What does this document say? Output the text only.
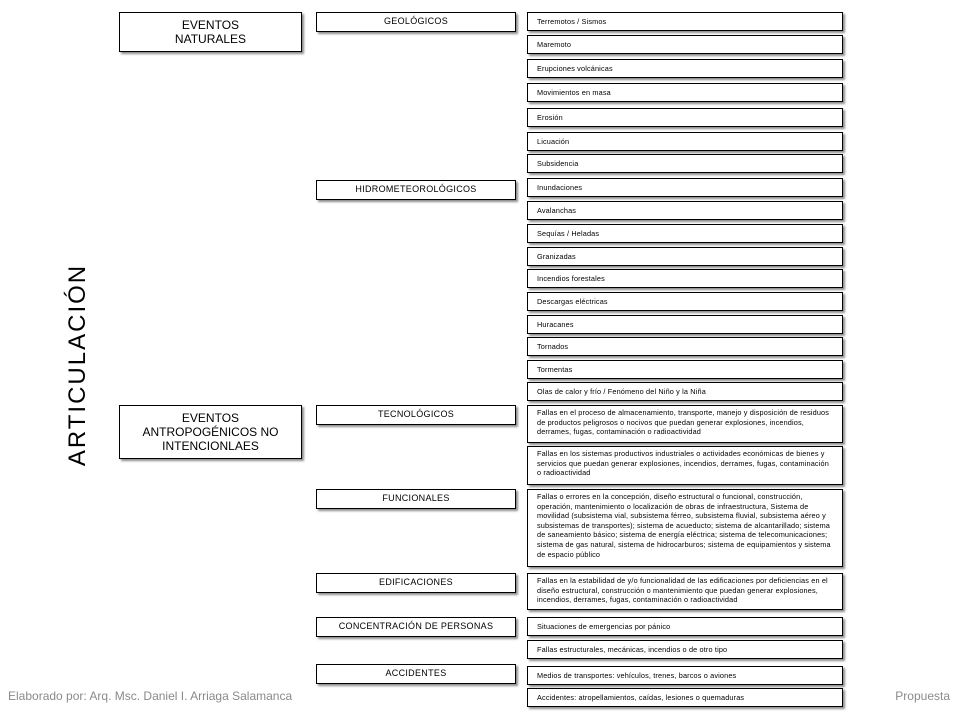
ARTICULACIÓN
EVENTOS
NATURALES
EVENTOS
ANTROPOGÉNICOS NO
INTENCIONLAES
GEOLÓGICOS
HIDROMETEOROLÓGICOS
TECNOLÓGICOS
FUNCIONALES
EDIFICACIONES
CONCENTRACIÓN DE PERSONAS
ACCIDENTES
Terremotos / Sismos
Maremoto
Erupciones volcánicas
Movimientos en masa
Erosión
Licuación
Subsidencia
Inundaciones
Avalanchas
Sequías / Heladas
Granizadas
Incendios forestales
Descargas eléctricas
Huracanes
Tornados
Tormentas
Olas de calor y frío / Fenómeno del Niño y la Niña
Fallas en el proceso de almacenamiento, transporte, manejo y disposición de residuos de productos peligrosos o nocivos que puedan generar explosiones, incendios, derrames, fugas, contaminación o radioactividad
Fallas en los sistemas productivos industriales o actividades económicas de bienes y servicios que puedan generar explosiones, incendios, derrames, fugas, contaminación o radioactividad
Fallas o errores en la concepción, diseño estructural o funcional, construcción, operación, mantenimiento o localización de obras de infraestructura, Sistema de movilidad (subsistema vial, subsistema férreo, subsistema fluvial, subsistema aéreo y subsistemas de transportes); sistema de acueducto; sistema de alcantarillado; sistema de saneamiento básico; sistema de energía eléctrica; sistema de telecomunicaciones; sistema de gas natural, sistema de hidrocarburos; sistema de equipamientos y sistema de espacio público
Fallas en la estabilidad de y/o funcionalidad de las edificaciones por deficiencias en el diseño estructural, construcción o mantenimiento que puedan generar explosiones, incendios, derrames, fugas, contaminación o radioactividad
Situaciones de emergencias por pánico
Fallas estructurales, mecánicas, incendios o de otro tipo
Medios de transportes: vehículos, trenes, barcos o aviones
Accidentes: atropellamientos, caídas, lesiones o quemaduras
Elaborado por: Arq. Msc. Daniel I. Arriaga Salamanca	Propuesta
